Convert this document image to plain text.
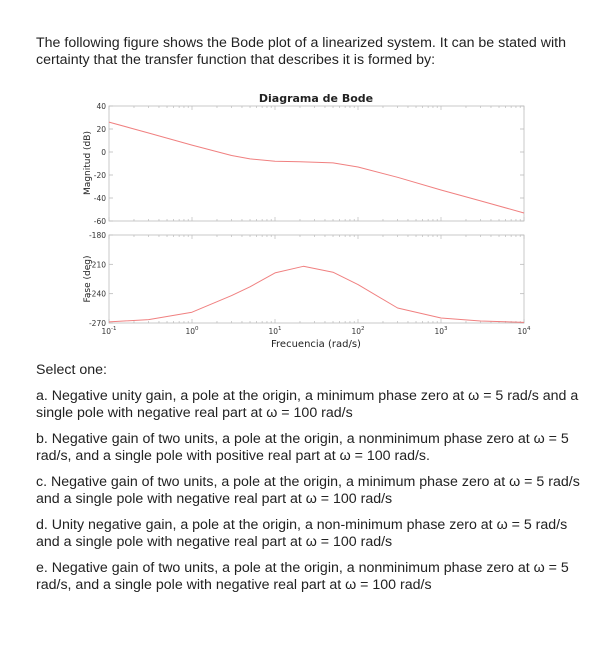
The following figure shows the Bode plot of a linearized system. It can be stated with certainty that the transfer function that describes it is formed by:
Diagrama de Bode
40
20
0
-20
-40
-60
-180
-210
-240
-270
$10^{-1}$	$10^0$	$10^1$	$10^2$	$10^3$	$10^4$
Magnitud (dB)
Fase (deg)
Frecuencia (rad/s)
Select one:
a. Negative unity gain, a pole at the origin, a minimum phase zero at ω = 5 rad/s and a single pole with negative real part at ω = 100 rad/s
b. Negative gain of two units, a pole at the origin, a nonminimum phase zero at ω = 5 rad/s, and a single pole with positive real part at ω = 100 rad/s.
c. Negative gain of two units, a pole at the origin, a minimum phase zero at ω = 5 rad/s and a single pole with negative real part at ω = 100 rad/s
d. Unity negative gain, a pole at the origin, a non-minimum phase zero at ω = 5 rad/s and a single pole with negative real part at ω = 100 rad/s
e. Negative gain of two units, a pole at the origin, a nonminimum phase zero at ω = 5 rad/s, and a single pole with negative real part at ω = 100 rad/s
